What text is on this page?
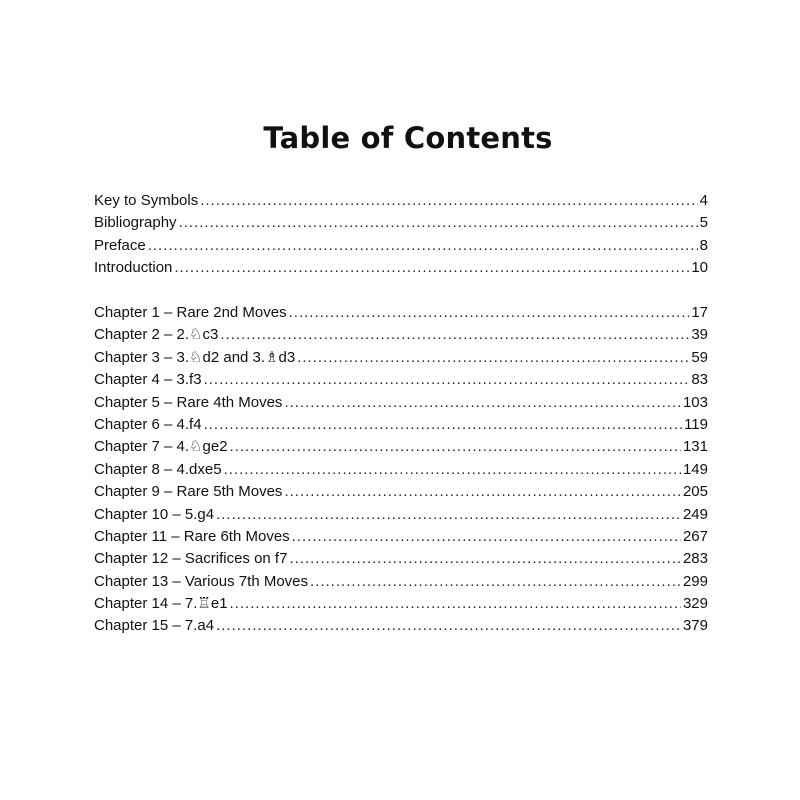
Table of Contents
Key to Symbols .....	4
Bibliography .....	5
Preface .....	8
Introduction .....	10
Chapter 1 – Rare 2nd Moves .....	17
Chapter 2 – 2.♘c3 .....	39
Chapter 3 – 3.♘d2 and 3.♗d3 .....	59
Chapter 4 – 3.f3 .....	83
Chapter 5 – Rare 4th Moves .....	103
Chapter 6 – 4.f4 .....	119
Chapter 7 – 4.♘ge2 .....	131
Chapter 8 – 4.dxe5 .....	149
Chapter 9 – Rare 5th Moves .....	205
Chapter 10 – 5.g4 .....	249
Chapter 11 – Rare 6th Moves .....	267
Chapter 12 – Sacrifices on f7 .....	283
Chapter 13 – Various 7th Moves .....	299
Chapter 14 – 7.♖e1 .....	329
Chapter 15 – 7.a4 .....	379
